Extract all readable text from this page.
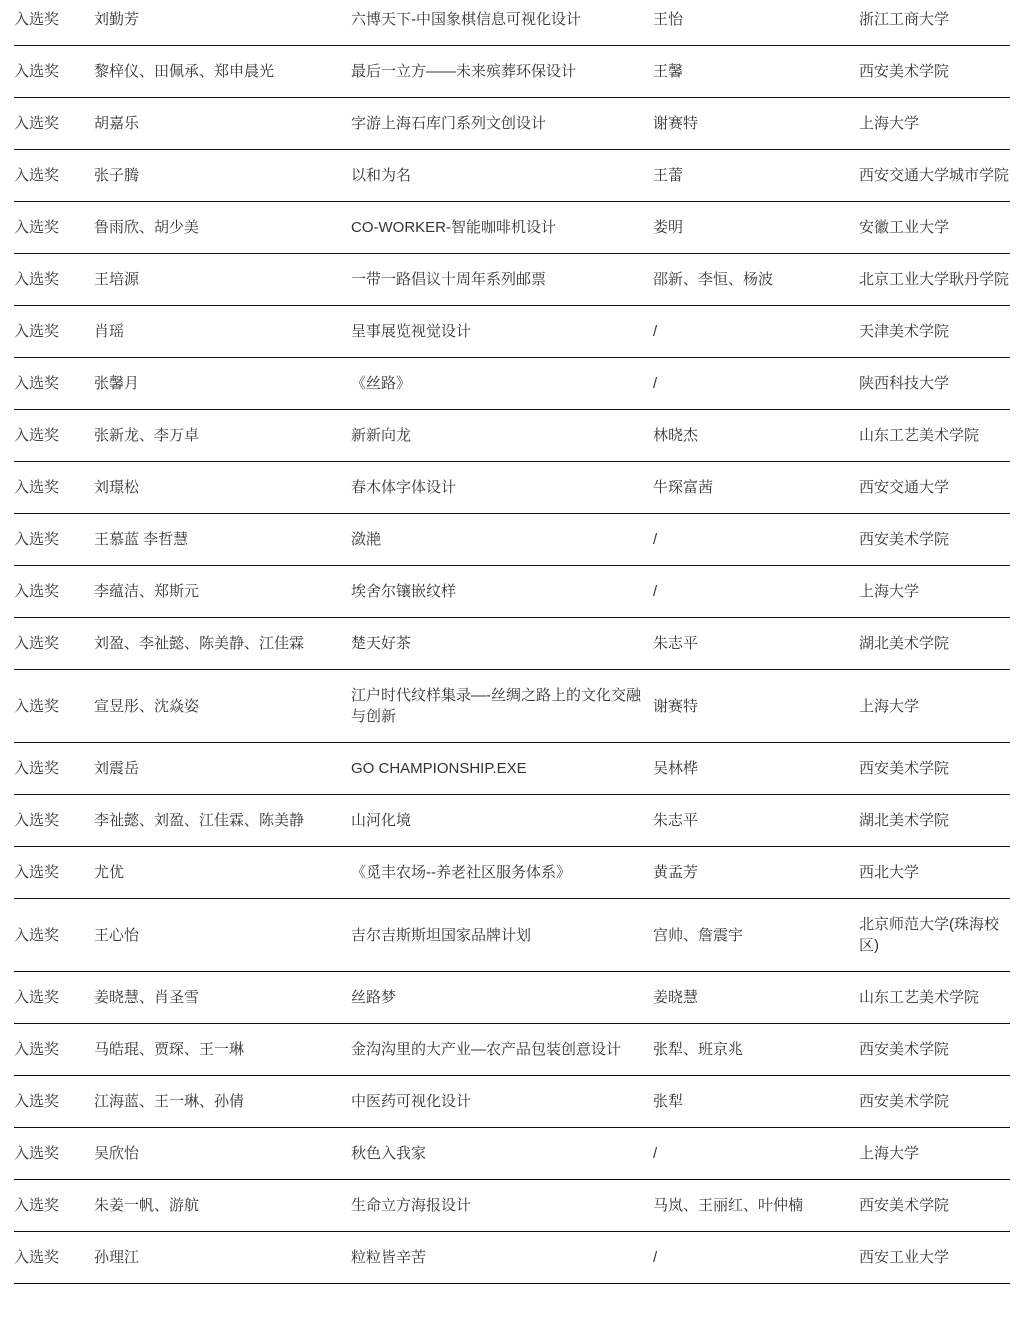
入选奖	刘勤芳	六博天下-中国象棋信息可视化设计	王怡	浙江工商大学
入选奖	黎梓仪、田佩承、郑申晨光	最后一立方——未来殡葬环保设计	王馨	西安美术学院
入选奖	胡嘉乐	字游上海石库门系列文创设计	谢赛特	上海大学
入选奖	张子腾	以和为名	王蕾	西安交通大学城市学院
入选奖	鲁雨欣、胡少美	CO-WORKER-智能咖啡机设计	娄明	安徽工业大学
入选奖	王培源	一带一路倡议十周年系列邮票	邵新、李恒、杨波	北京工业大学耿丹学院
入选奖	肖瑶	呈事展览视觉设计	/	天津美术学院
入选奖	张馨月	《丝路》	/	陕西科技大学
入选奖	张新龙、李万卓	新新向龙	林晓杰	山东工艺美术学院
入选奖	刘璟松	春木体字体设计	牛琛富茜	西安交通大学
入选奖	王慕蓝 李哲慧	潋滟	/	西安美术学院
入选奖	李蕴洁、郑斯元	埃舍尔镶嵌纹样	/	上海大学
入选奖	刘盈、李祉懿、陈美静、江佳霖	楚天好茶	朱志平	湖北美术学院
入选奖	宣昱彤、沈焱姿	江户时代纹样集录—-丝绸之路上的文化交融与创新	谢赛特	上海大学
入选奖	刘震岳	GO CHAMPIONSHIP.EXE	吴林桦	西安美术学院
入选奖	李祉懿、刘盈、江佳霖、陈美静	山河化境	朱志平	湖北美术学院
入选奖	尤优	《觅丰农场--养老社区服务体系》	黄孟芳	西北大学
入选奖	王心怡	吉尔吉斯斯坦国家品牌计划	宫帅、詹震宇	北京师范大学(珠海校区)
入选奖	姜晓慧、肖圣雪	丝路梦	姜晓慧	山东工艺美术学院
入选奖	马皓琨、贾琛、王一琳	金沟沟里的大产业—农产品包装创意设计	张犁、班京兆	西安美术学院
入选奖	江海蓝、王一琳、孙倩	中医药可视化设计	张犁	西安美术学院
入选奖	吴欣怡	秋色入我家	/	上海大学
入选奖	朱姜一帆、游航	生命立方海报设计	马岚、王丽红、叶仲楠	西安美术学院
入选奖	孙理江	粒粒皆辛苦	/	西安工业大学
